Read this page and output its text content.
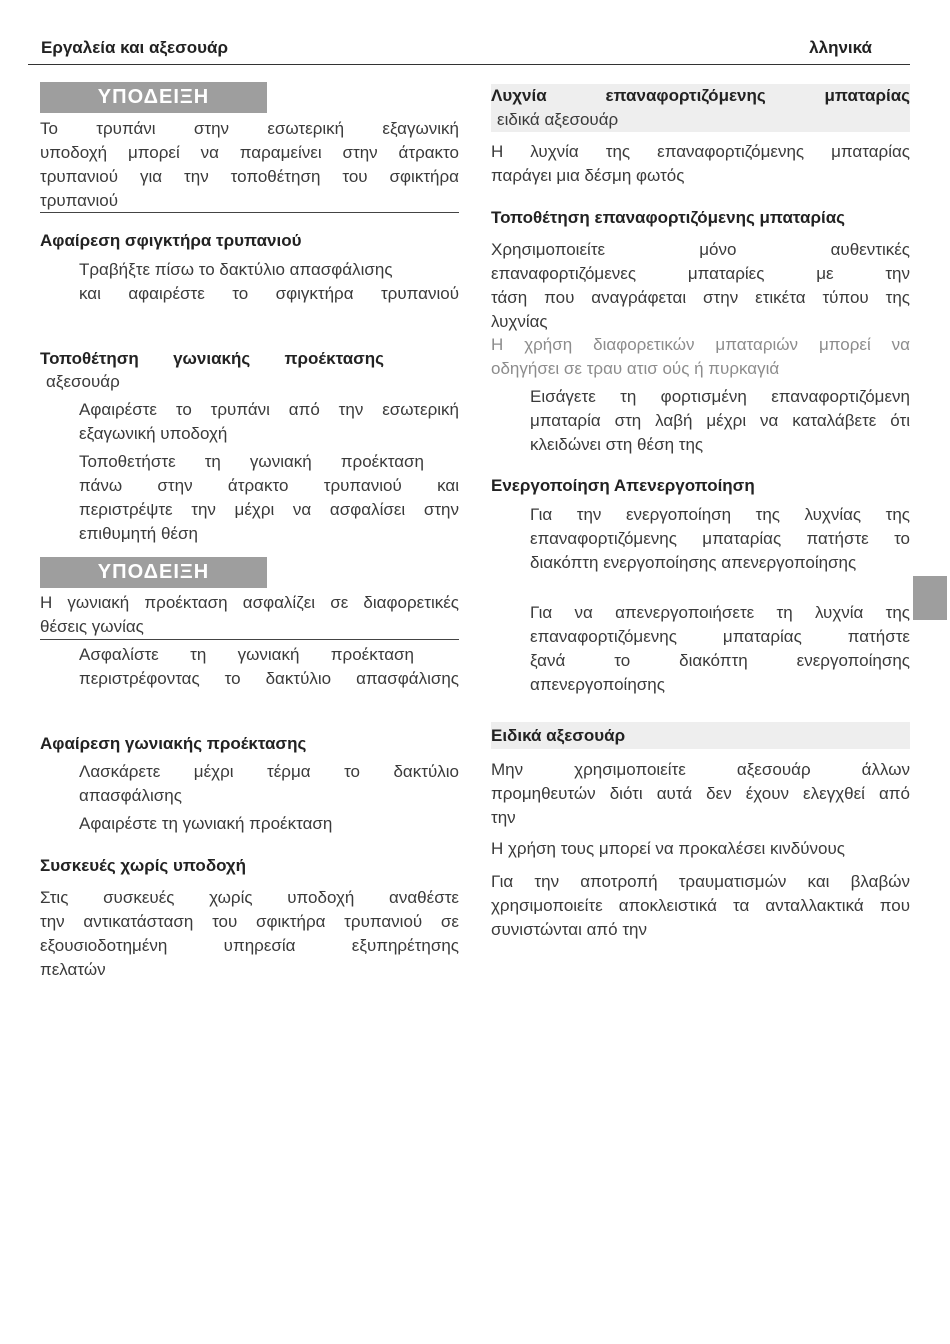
Εργαλεία και αξεσουάρ	λληνικά
ΥΠΟΔΕΙΞΗ
Το τρυπάνι στην εσωτερική εξαγωνική
υποδοχή μπορεί να παραμείνει στην άτρακτο
τρυπανιού για την τοποθέτηση του σφικτήρα
τρυπανιού
Αφαίρεση σφιγκτήρα τρυπανιού
Τραβήξτε πίσω το δακτύλιο απασφάλισης
και αφαιρέστε το σφιγκτήρα τρυπανιού
Τοποθέτηση γωνιακής προέκτασης
αξεσουάρ
Αφαιρέστε το τρυπάνι από την εσωτερική
εξαγωνική υποδοχή
Τοποθετήστε τη γωνιακή προέκταση
πάνω στην άτρακτο τρυπανιού και
περιστρέψτε την μέχρι να ασφαλίσει στην
επιθυμητή θέση
ΥΠΟΔΕΙΞΗ
Η γωνιακή προέκταση ασφαλίζει σε διαφορετικές
θέσεις γωνίας
Ασφαλίστε τη γωνιακή προέκταση
περιστρέφοντας το δακτύλιο απασφάλισης
Αφαίρεση γωνιακής προέκτασης
Λασκάρετε μέχρι τέρμα το δακτύλιο
απασφάλισης
Αφαιρέστε τη γωνιακή προέκταση
Συσκευές χωρίς υποδοχή
Στις συσκευές χωρίς υποδοχή αναθέστε
την αντικατάσταση του σφικτήρα τρυπανιού σε
εξουσιοδοτημένη υπηρεσία εξυπηρέτησης
πελατών
Λυχνία επαναφορτιζόμενης μπαταρίας
ειδικά αξεσουάρ
Η λυχνία της επαναφορτιζόμενης μπαταρίας
παράγει μια δέσμη φωτός
Τοποθέτηση επαναφορτιζόμενης μπαταρίας
Χρησιμοποιείτε μόνο αυθεντικές
επαναφορτιζόμενες μπαταρίες με την
τάση που αναγράφεται στην ετικέτα τύπου της
λυχνίας
Η χρήση διαφορετικών μπαταριών μπορεί να
οδηγήσει σε τραυ ατισ ούς ή πυρκαγιά
Εισάγετε τη φορτισμένη επαναφορτιζόμενη
μπαταρία στη λαβή μέχρι να καταλάβετε ότι
κλειδώνει στη θέση της
Ενεργοποίηση Απενεργοποίηση
Για την ενεργοποίηση της λυχνίας της
επαναφορτιζόμενης μπαταρίας πατήστε το
διακόπτη ενεργοποίησης απενεργοποίησης
Για να απενεργοποιήσετε τη λυχνία της
επαναφορτιζόμενης μπαταρίας πατήστε
ξανά το διακόπτη ενεργοποίησης
απενεργοποίησης
Ειδικά αξεσουάρ
Μην χρησιμοποιείτε αξεσουάρ άλλων
προμηθευτών διότι αυτά δεν έχουν ελεγχθεί από
την
Η χρήση τους μπορεί να προκαλέσει κινδύνους
Για την αποτροπή τραυματισμών και βλαβών
χρησιμοποιείτε αποκλειστικά τα ανταλλακτικά που
συνιστώνται από την
